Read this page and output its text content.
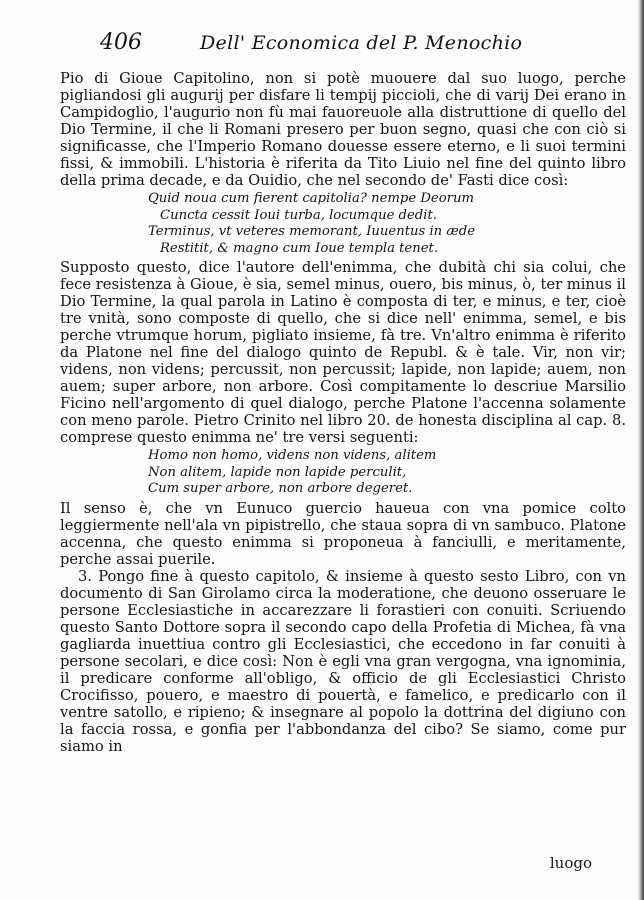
406	Dell' Economica del P. Menochio

Pio di Gioue Capitolino, non si potè muouere dal suo luogo, perche pigliandosi gli augurij per disfare li tempij piccioli, che di varij Dei erano in Campidoglio, l'augurio non fù mai fauoreuole alla distruttione di quello del Dio Termine, il che li Romani presero per buon segno, quasi che con ciò si significasse, che l'Imperio Romano douesse essere eterno, e li suoi termini fissi, & immobili. L'historia è riferita da Tito Liuio nel fine del quinto libro della prima decade, e da Ouidio, che nel secondo de' Fasti dice così:

Quid noua cum fierent capitolia? nempe Deorum
Cuncta cessit Ioui turba, locumque dedit.
Terminus, vt veteres memorant, Iuuentus in æde
Restitit, & magno cum Ioue templa tenet.

Supposto questo, dice l'autore dell'enimma, che dubità chi sia colui, che fece resistenza à Gioue, è sia, semel minus, ouero, bis minus, ò, ter minus il Dio Termine, la qual parola in Latino è composta di ter, e minus, e ter, cioè tre vnità, sono composte di quello, che si dice nell' enimma, semel, e bis perche vtrumque horum, pigliato insieme, fà tre. Vn'altro enimma è riferito da Platone nel fine del dialogo quinto de Republ. & è tale. Vir, non vir; videns, non videns; percussit, non percussit; lapide, non lapide; auem, non auem; super arbore, non arbore. Così compitamente lo descriue Marsilio Ficino nell'argomento di quel dialogo, perche Platone l'accenna solamente con meno parole. Pietro Crinito nel libro 20. de honesta disciplina al cap. 8. comprese questo enimma ne' tre versi seguenti:

Homo non homo, videns non videns, alitem
Non alitem, lapide non lapide perculit,
Cum super arbore, non arbore degeret.

Il senso è, che vn Eunuco guercio haueua con vna pomice colto leggiermente nell'ala vn pipistrello, che staua sopra di vn sambuco. Platone accenna, che questo enimma si proponeua à fanciulli, e meritamente, perche assai puerile.

3. Pongo fine à questo capitolo, & insieme à questo sesto Libro, con vn documento di San Girolamo circa la moderatione, che deuono osseruare le persone Ecclesiastiche in accarezzare li forastieri con conuiti. Scriuendo questo Santo Dottore sopra il secondo capo della Profetia di Michea, fà vna gagliarda inuettiua contro gli Ecclesiastici, che eccedono in far conuiti à persone secolari, e dice così: Non è egli vna gran vergogna, vna ignominia, il predicare conforme all'obligo, & officio de gli Ecclesiastici Christo Crocifisso, pouero, e maestro di pouertà, e famelico, e predicarlo con il ventre satollo, e ripieno; & insegnare al popolo la dottrina del digiuno con la faccia rossa, e gonfia per l'abbondanza del cibo? Se siamo, come pur siamo in

luogo
